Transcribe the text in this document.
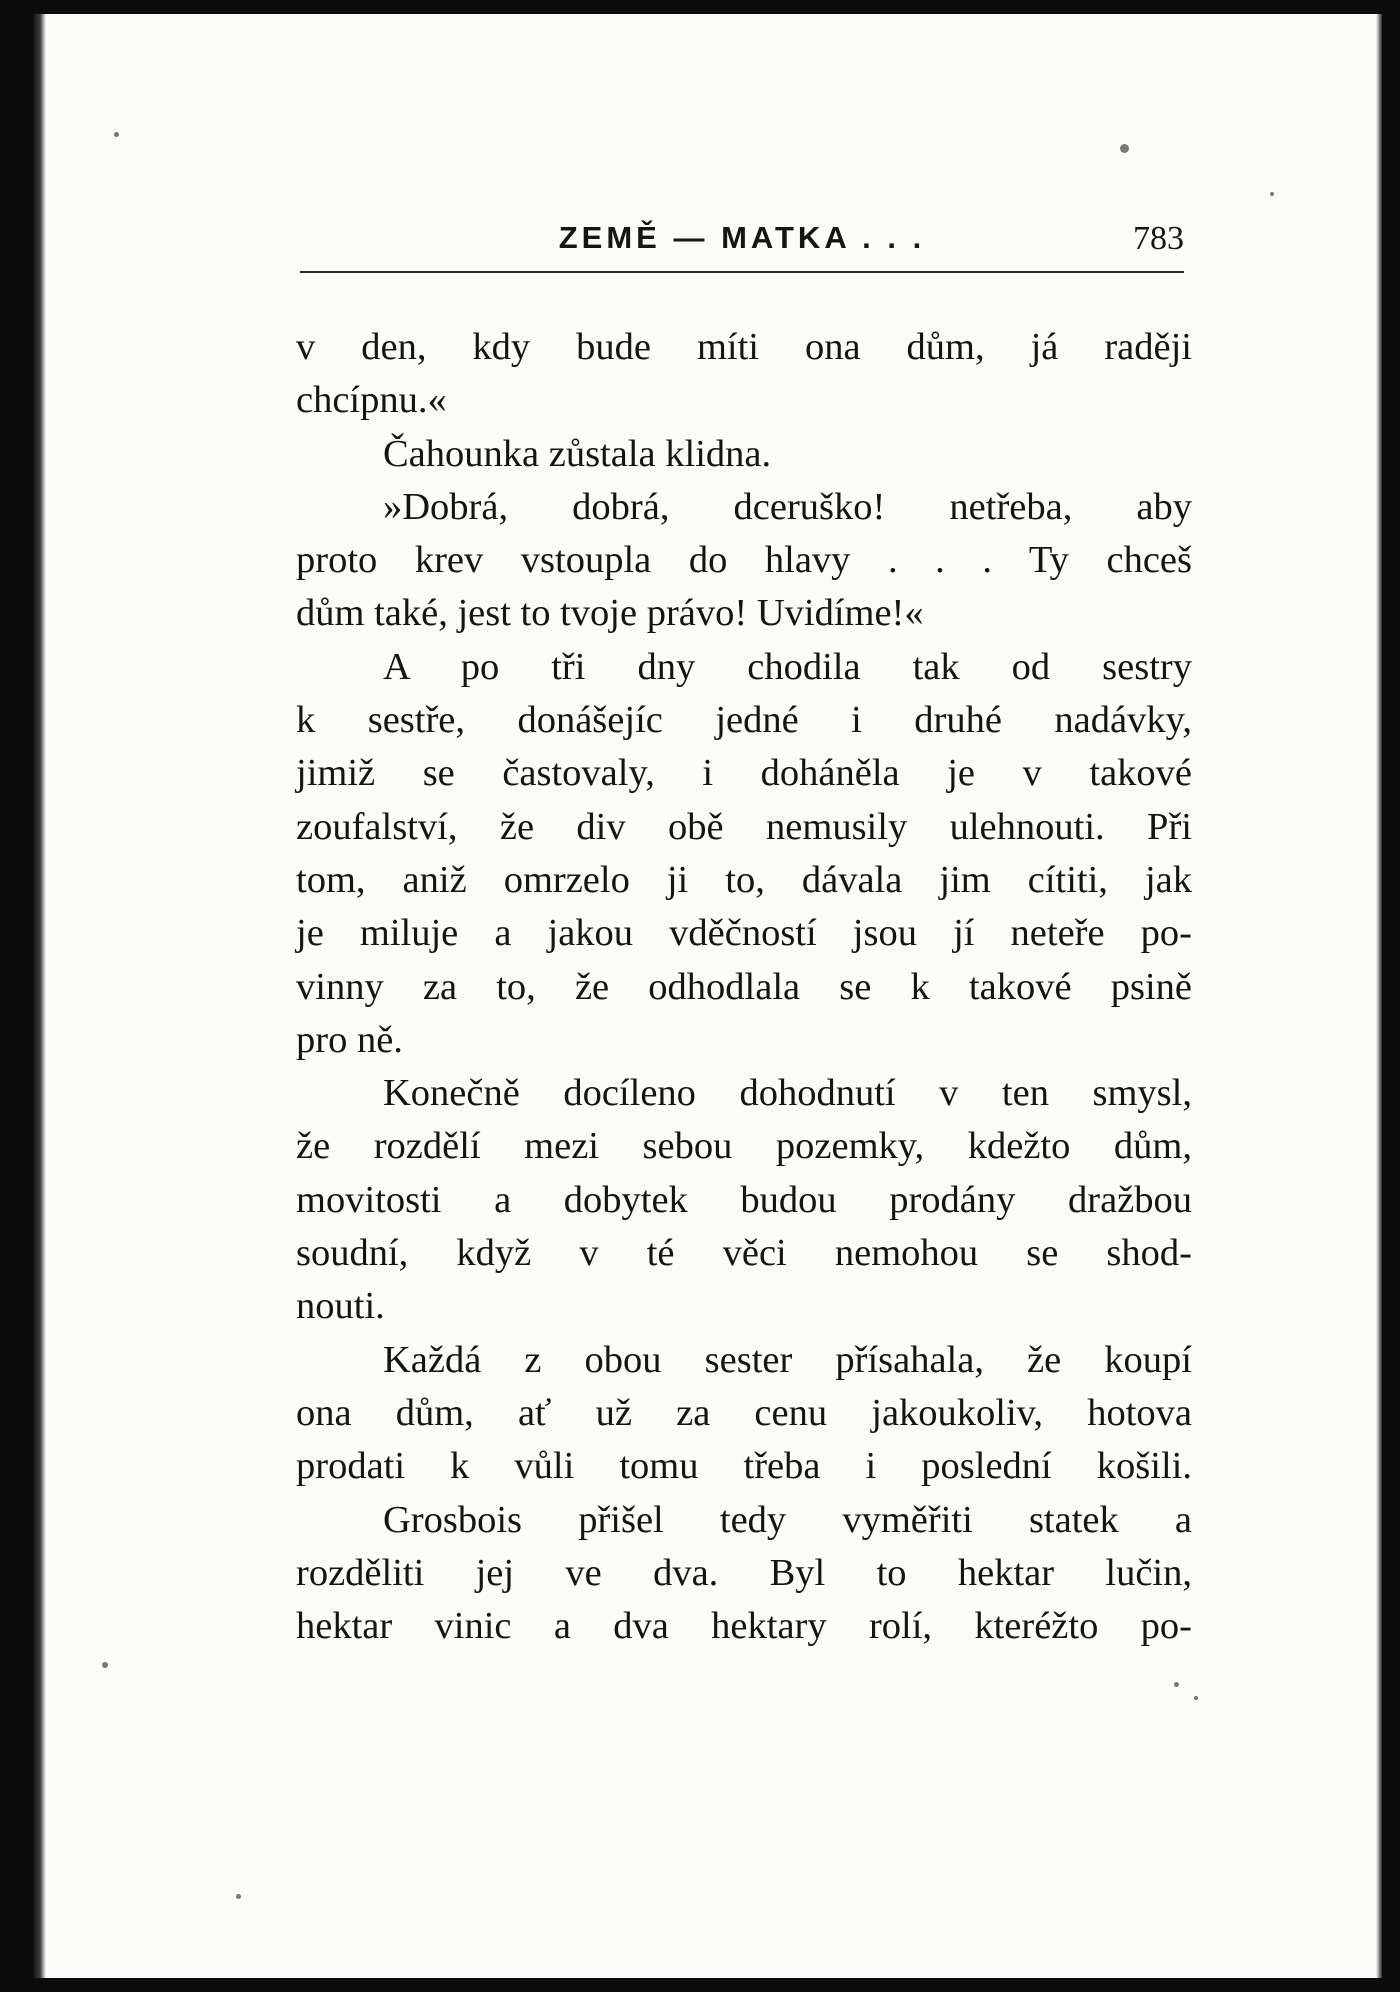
ZEMĚ — MATKA . . .	783
v den, kdy bude míti ona dům, já raději
chcípnu.«
Čahounka zůstala klidna.
»Dobrá, dobrá, dceruško! netřeba, aby
proto krev vstoupla do hlavy . . . Ty chceš
dům také, jest to tvoje právo! Uvidíme!«
A po tři dny chodila tak od sestry
k sestře, donášejíc jedné i druhé nadávky,
jimiž se častovaly, i doháněla je v takové
zoufalství, že div obě nemusily ulehnouti. Při
tom, aniž omrzelo ji to, dávala jim cítiti, jak
je miluje a jakou vděčností jsou jí neteře po-
vinny za to, že odhodlala se k takové psině
pro ně.
Konečně docíleno dohodnutí v ten smysl,
že rozdělí mezi sebou pozemky, kdežto dům,
movitosti a dobytek budou prodány dražbou
soudní, když v té věci nemohou se shod-
nouti.
Každá z obou sester přísahala, že koupí
ona dům, ať už za cenu jakoukoliv, hotova
prodati k vůli tomu třeba i poslední košili.
Grosbois přišel tedy vyměřiti statek a
rozděliti jej ve dva. Byl to hektar lučin,
hektar vinic a dva hektary rolí, kteréžto po-
